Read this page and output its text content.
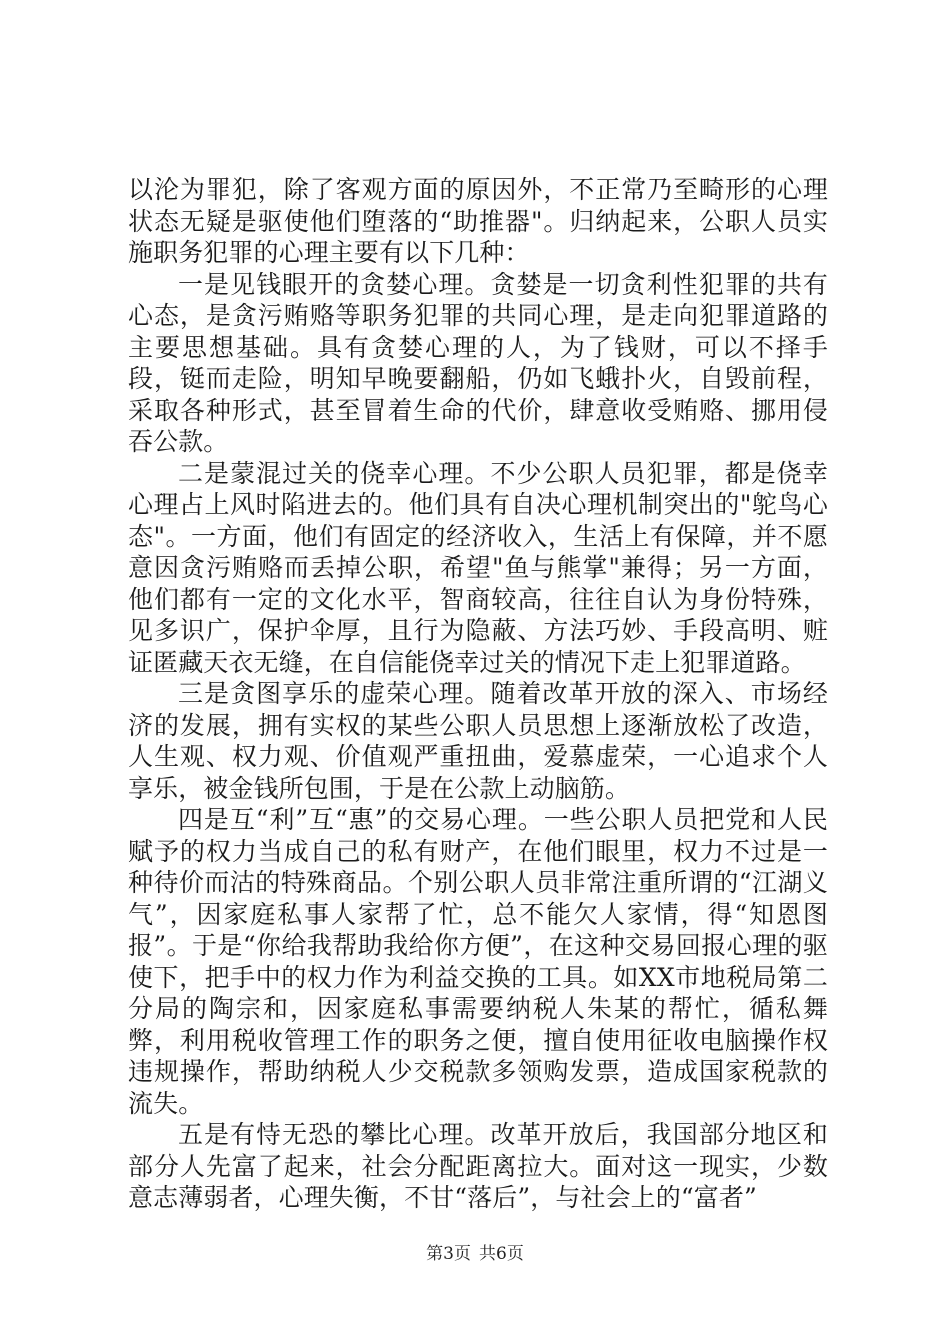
以沦为罪犯，除了客观方面的原因外，不正常乃至畸形的心理状态无疑是驱使他们堕落的“助推器"。归纳起来，公职人员实施职务犯罪的心理主要有以下几种：

一是见钱眼开的贪婪心理。贪婪是一切贪利性犯罪的共有心态，是贪污贿赂等职务犯罪的共同心理，是走向犯罪道路的主要思想基础。具有贪婪心理的人，为了钱财，可以不择手段，铤而走险，明知早晚要翻船，仍如飞蛾扑火，自毁前程，采取各种形式，甚至冒着生命的代价，肆意收受贿赂、挪用侵吞公款。

二是蒙混过关的侥幸心理。不少公职人员犯罪，都是侥幸心理占上风时陷进去的。他们具有自决心理机制突出的"鸵鸟心态"。一方面，他们有固定的经济收入，生活上有保障，并不愿意因贪污贿赂而丢掉公职，希望"鱼与熊掌"兼得；另一方面，他们都有一定的文化水平，智商较高，往往自认为身份特殊，见多识广，保护伞厚，且行为隐蔽、方法巧妙、手段高明、赃证匿藏天衣无缝，在自信能侥幸过关的情况下走上犯罪道路。

三是贪图享乐的虚荣心理。随着改革开放的深入、市场经济的发展，拥有实权的某些公职人员思想上逐渐放松了改造，人生观、权力观、价值观严重扭曲，爱慕虚荣，一心追求个人享乐，被金钱所包围，于是在公款上动脑筋。

四是互“利”互“惠”的交易心理。一些公职人员把党和人民赋予的权力当成自己的私有财产，在他们眼里，权力不过是一种待价而沽的特殊商品。个别公职人员非常注重所谓的“江湖义气”，因家庭私事人家帮了忙，总不能欠人家情，得“知恩图报”。于是“你给我帮助我给你方便”，在这种交易回报心理的驱使下，把手中的权力作为利益交换的工具。如XX市地税局第二分局的陶宗和，因家庭私事需要纳税人朱某的帮忙，循私舞弊，利用税收管理工作的职务之便，擅自使用征收电脑操作权违规操作，帮助纳税人少交税款多领购发票，造成国家税款的流失。

五是有恃无恐的攀比心理。改革开放后，我国部分地区和部分人先富了起来，社会分配距离拉大。面对这一现实，少数意志薄弱者，心理失衡，不甘“落后”，与社会上的“富者”

第3页 共6页
